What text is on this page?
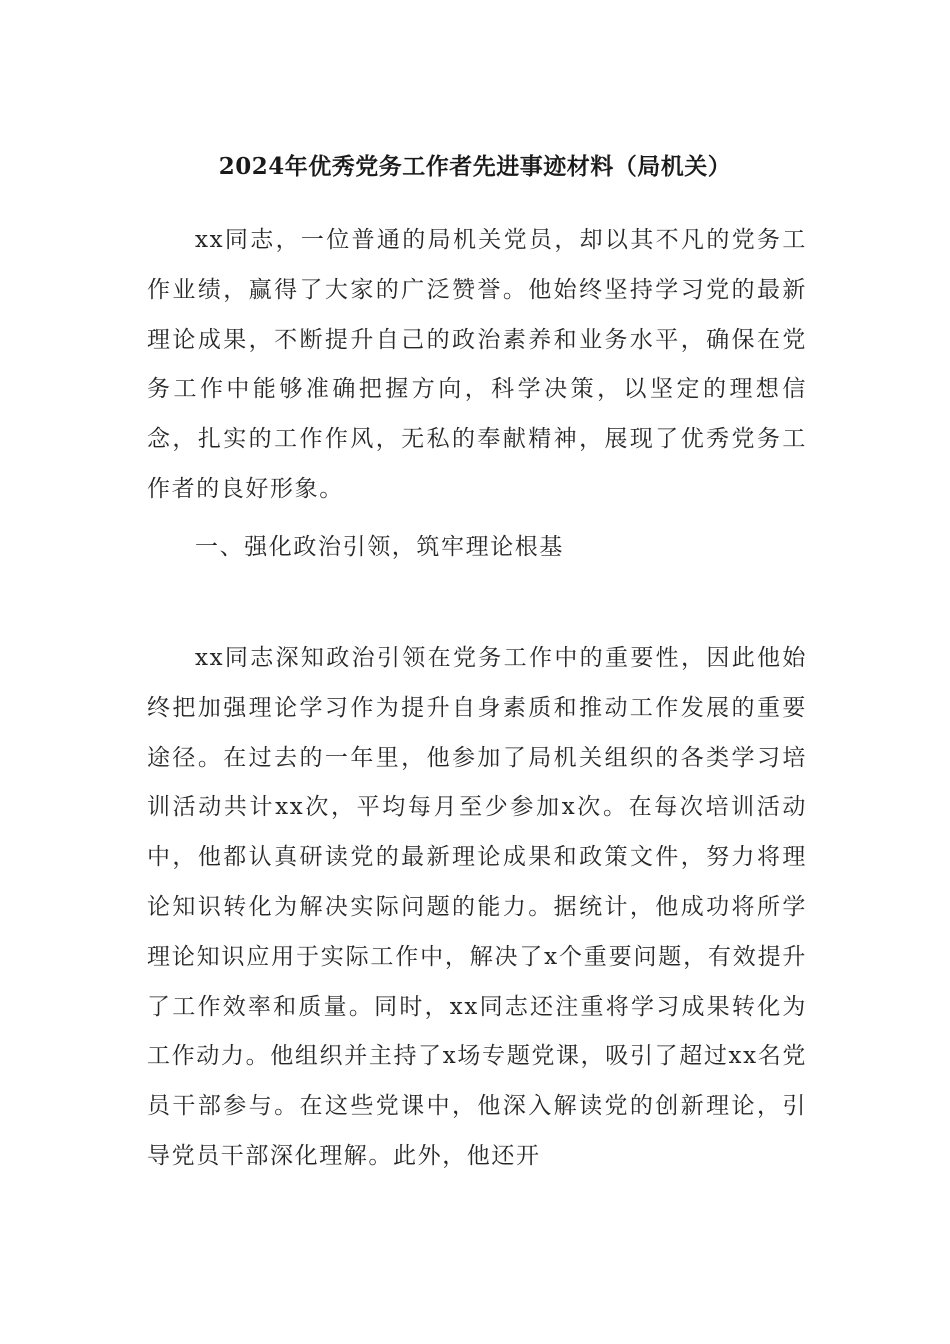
2024年优秀党务工作者先进事迹材料（局机关）

xx同志，一位普通的局机关党员，却以其不凡的党务工作业绩，赢得了大家的广泛赞誉。他始终坚持学习党的最新理论成果，不断提升自己的政治素养和业务水平，确保在党务工作中能够准确把握方向，科学决策，以坚定的理想信念，扎实的工作作风，无私的奉献精神，展现了优秀党务工作者的良好形象。

一、强化政治引领，筑牢理论根基

xx同志深知政治引领在党务工作中的重要性，因此他始终把加强理论学习作为提升自身素质和推动工作发展的重要途径。在过去的一年里，他参加了局机关组织的各类学习培训活动共计xx次，平均每月至少参加x次。在每次培训活动中，他都认真研读党的最新理论成果和政策文件，努力将理论知识转化为解决实际问题的能力。据统计，他成功将所学理论知识应用于实际工作中，解决了x个重要问题，有效提升了工作效率和质量。同时，xx同志还注重将学习成果转化为工作动力。他组织并主持了x场专题党课，吸引了超过xx名党员干部参与。在这些党课中，他深入解读党的创新理论，引导党员干部深化理解。此外，他还开
